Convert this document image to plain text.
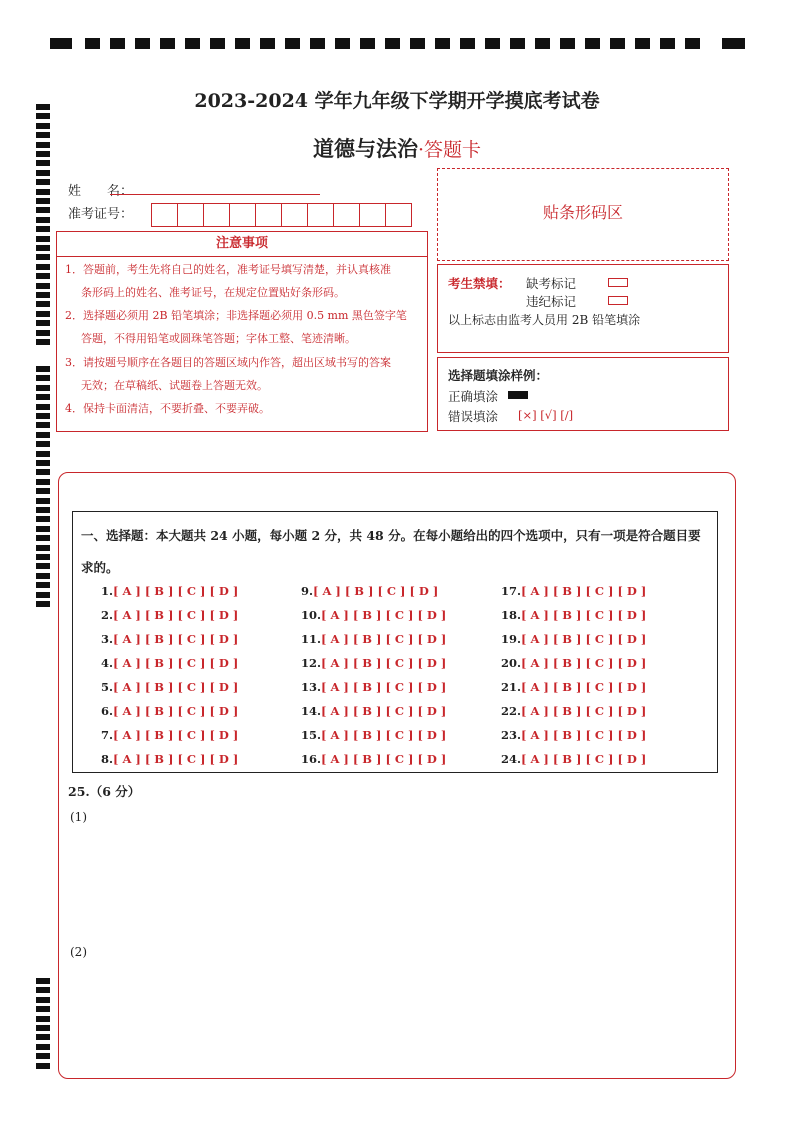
2023-2024 学年九年级下学期开学摸底考试卷
道德与法治·答题卡
姓　　名：
准考证号：
注意事项
1．答题前，考生先将自己的姓名，准考证号填写清楚，并认真核准
条形码上的姓名、准考证号，在规定位置贴好条形码。
2．选择题必须用 2B 铅笔填涂；非选择题必须用 0.5 mm 黑色签字笔
答题，不得用铅笔或圆珠笔答题；字体工整、笔迹清晰。
3．请按题号顺序在各题目的答题区域内作答，超出区域书写的答案
无效；在草稿纸、试题卷上答题无效。
4．保持卡面清洁，不要折叠、不要弄破。
贴条形码区
考生禁填： 缺考标记
违纪标记
以上标志由监考人员用 2B 铅笔填涂
选择题填涂样例：
正确填涂
错误填涂 [×] [√] [/]
一、选择题：本大题共 24 小题，每小题 2 分，共 48 分。在每小题给出的四个选项中，只有一项是符合题目要求的。
1.[ A ] [ B ] [ C ] [ D ]
2.[ A ] [ B ] [ C ] [ D ]
3.[ A ] [ B ] [ C ] [ D ]
4.[ A ] [ B ] [ C ] [ D ]
5.[ A ] [ B ] [ C ] [ D ]
6.[ A ] [ B ] [ C ] [ D ]
7.[ A ] [ B ] [ C ] [ D ]
8.[ A ] [ B ] [ C ] [ D ]
9.[ A ] [ B ] [ C ] [ D ]
10.[ A ] [ B ] [ C ] [ D ]
11.[ A ] [ B ] [ C ] [ D ]
12.[ A ] [ B ] [ C ] [ D ]
13.[ A ] [ B ] [ C ] [ D ]
14.[ A ] [ B ] [ C ] [ D ]
15.[ A ] [ B ] [ C ] [ D ]
16.[ A ] [ B ] [ C ] [ D ]
17.[ A ] [ B ] [ C ] [ D ]
18.[ A ] [ B ] [ C ] [ D ]
19.[ A ] [ B ] [ C ] [ D ]
20.[ A ] [ B ] [ C ] [ D ]
21.[ A ] [ B ] [ C ] [ D ]
22.[ A ] [ B ] [ C ] [ D ]
23.[ A ] [ B ] [ C ] [ D ]
24.[ A ] [ B ] [ C ] [ D ]
25.（6 分）
(1)
(2)
